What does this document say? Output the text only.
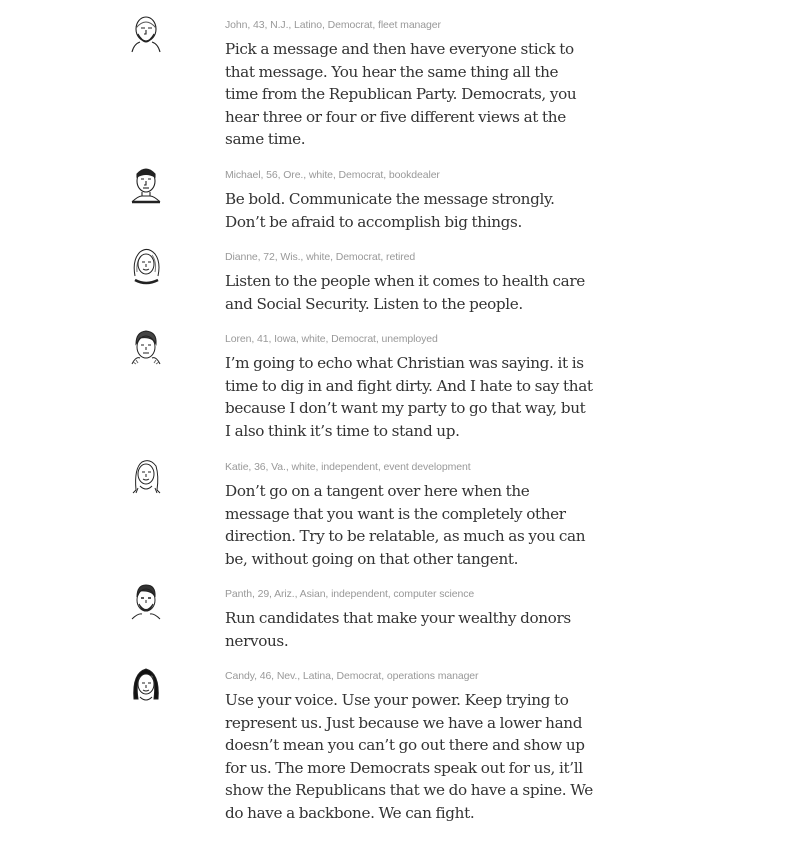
John, 43, N.J., Latino, Democrat, fleet manager

Pick a message and then have everyone stick to that message. You hear the same thing all the time from the Republican Party. Democrats, you hear three or four or five different views at the same time.

Michael, 56, Ore., white, Democrat, bookdealer

Be bold. Communicate the message strongly. Don’t be afraid to accomplish big things.

Dianne, 72, Wis., white, Democrat, retired

Listen to the people when it comes to health care and Social Security. Listen to the people.

Loren, 41, Iowa, white, Democrat, unemployed

I’m going to echo what Christian was saying. it is time to dig in and fight dirty. And I hate to say that because I don’t want my party to go that way, but I also think it’s time to stand up.

Katie, 36, Va., white, independent, event development

Don’t go on a tangent over here when the message that you want is the completely other direction. Try to be relatable, as much as you can be, without going on that other tangent.

Panth, 29, Ariz., Asian, independent, computer science

Run candidates that make your wealthy donors nervous.

Candy, 46, Nev., Latina, Democrat, operations manager

Use your voice. Use your power. Keep trying to represent us. Just because we have a lower hand doesn’t mean you can’t go out there and show up for us. The more Democrats speak out for us, it’ll show the Republicans that we do have a spine. We do have a backbone. We can fight.
